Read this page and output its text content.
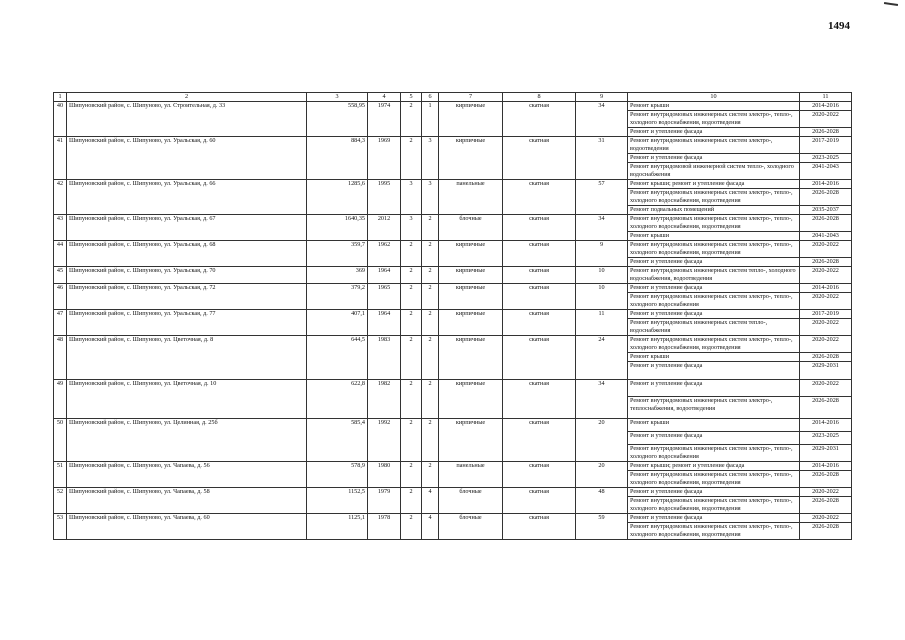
1494
1	2	3	4	5	6	7	8	9	10	11
40	Шипуновский район, с. Шипуново, ул. Строительная, д. 33	558,95	1974	2	1	кирпичные	скатная	34	Ремонт крыши	2014-2016
									Ремонт внутридомовых инженерных систем электро-, тепло-, холодного водоснабжения, водоотведения	2020-2022
									Ремонт и утепление фасада	2026-2028
41	Шипуновский район, с. Шипуново, ул. Уральская, д. 60	884,3	1969	2	3	кирпичные	скатная	31	Ремонт внутридомовых инженерных систем электро-, водоотведения	2017-2019
									Ремонт и утепление фасада	2023-2025
									Ремонт внутридомовой инженерной систем тепло-, холодного водоснабжения	2041-2043
42	Шипуновский район, с. Шипуново, ул. Уральская, д. 66	1285,6	1995	3	3	панельные	скатная	57	Ремонт крыши; ремонт и утепление фасада	2014-2016
									Ремонт внутридомовых инженерных систем электро-, тепло-, холодного водоснабжения, водоотведения	2026-2028
									Ремонт подвальных помещений	2035-2037
43	Шипуновский район, с. Шипуново, ул. Уральская, д. 67	1640,35	2012	3	2	блочные	скатная	34	Ремонт внутридомовых инженерных систем электро-, тепло-, холодного водоснабжения, водоотведения	2026-2028
									Ремонт крыши	2041-2043
44	Шипуновский район, с. Шипуново, ул. Уральская, д. 68	359,7	1962	2	2	кирпичные	скатная	9	Ремонт внутридомовых инженерных систем электро-, тепло-, холодного водоснабжения, водоотведения	2020-2022
									Ремонт и утепление фасада	2026-2028
45	Шипуновский район, с. Шипуново, ул. Уральская, д. 70	369	1964	2	2	кирпичные	скатная	10	Ремонт внутридомовых инженерных систем тепло-, холодного водоснабжения, водоотведения	2020-2022
46	Шипуновский район, с. Шипуново, ул. Уральская, д. 72	379,2	1965	2	2	кирпичные	скатная	10	Ремонт и утепление фасада	2014-2016
									Ремонт внутридомовых инженерных систем электро-, тепло-, холодного водоснабжения	2020-2022
47	Шипуновский район, с. Шипуново, ул. Уральская, д. 77	407,1	1964	2	2	кирпичные	скатная	11	Ремонт и утепление фасада	2017-2019
									Ремонт внутридомовых инженерных систем тепло-, водоснабжения	2020-2022
48	Шипуновский район, с. Шипуново, ул. Цветочная, д. 8	644,5	1983	2	2	кирпичные	скатная	24	Ремонт внутридомовых инженерных систем электро-, тепло-, холодного водоснабжения, водоотведения	2020-2022
									Ремонт крыши	2026-2028
									Ремонт и утепление фасада	2029-2031
49	Шипуновский район, с. Шипуново, ул. Цветочная, д. 10	622,8	1982	2	2	кирпичные	скатная	34	Ремонт и утепление фасада	2020-2022
									Ремонт внутридомовых инженерных систем электро-, теплоснабжения, водоотведения	2026-2028
50	Шипуновский район, с. Шипуново, ул. Целинная, д. 25б	585,4	1992	2	2	кирпичные	скатная	20	Ремонт крыши	2014-2016
									Ремонт и утепление фасада	2023-2025
									Ремонт внутридомовых инженерных систем электро-, тепло-, холодного водоснабжения	2029-2031
51	Шипуновский район, с. Шипуново, ул. Чапаева, д. 56	578,9	1980	2	2	панельные	скатная	20	Ремонт крыши; ремонт и утепление фасада	2014-2016
									Ремонт внутридомовых инженерных систем электро-, тепло-, холодного водоснабжения, водоотведения	2026-2028
52	Шипуновский район, с. Шипуново, ул. Чапаева, д. 58	1152,5	1979	2	4	блочные	скатная	48	Ремонт и утепление фасада	2020-2022
									Ремонт внутридомовых инженерных систем электро-, тепло-, холодного водоснабжения, водоотведения	2026-2028
53	Шипуновский район, с. Шипуново, ул. Чапаева, д. 60	1125,1	1978	2	4	блочные	скатная	59	Ремонт и утепление фасада	2020-2022
									Ремонт внутридомовых инженерных систем электро-, тепло-, холодного водоснабжения, водоотведения	2026-2028
